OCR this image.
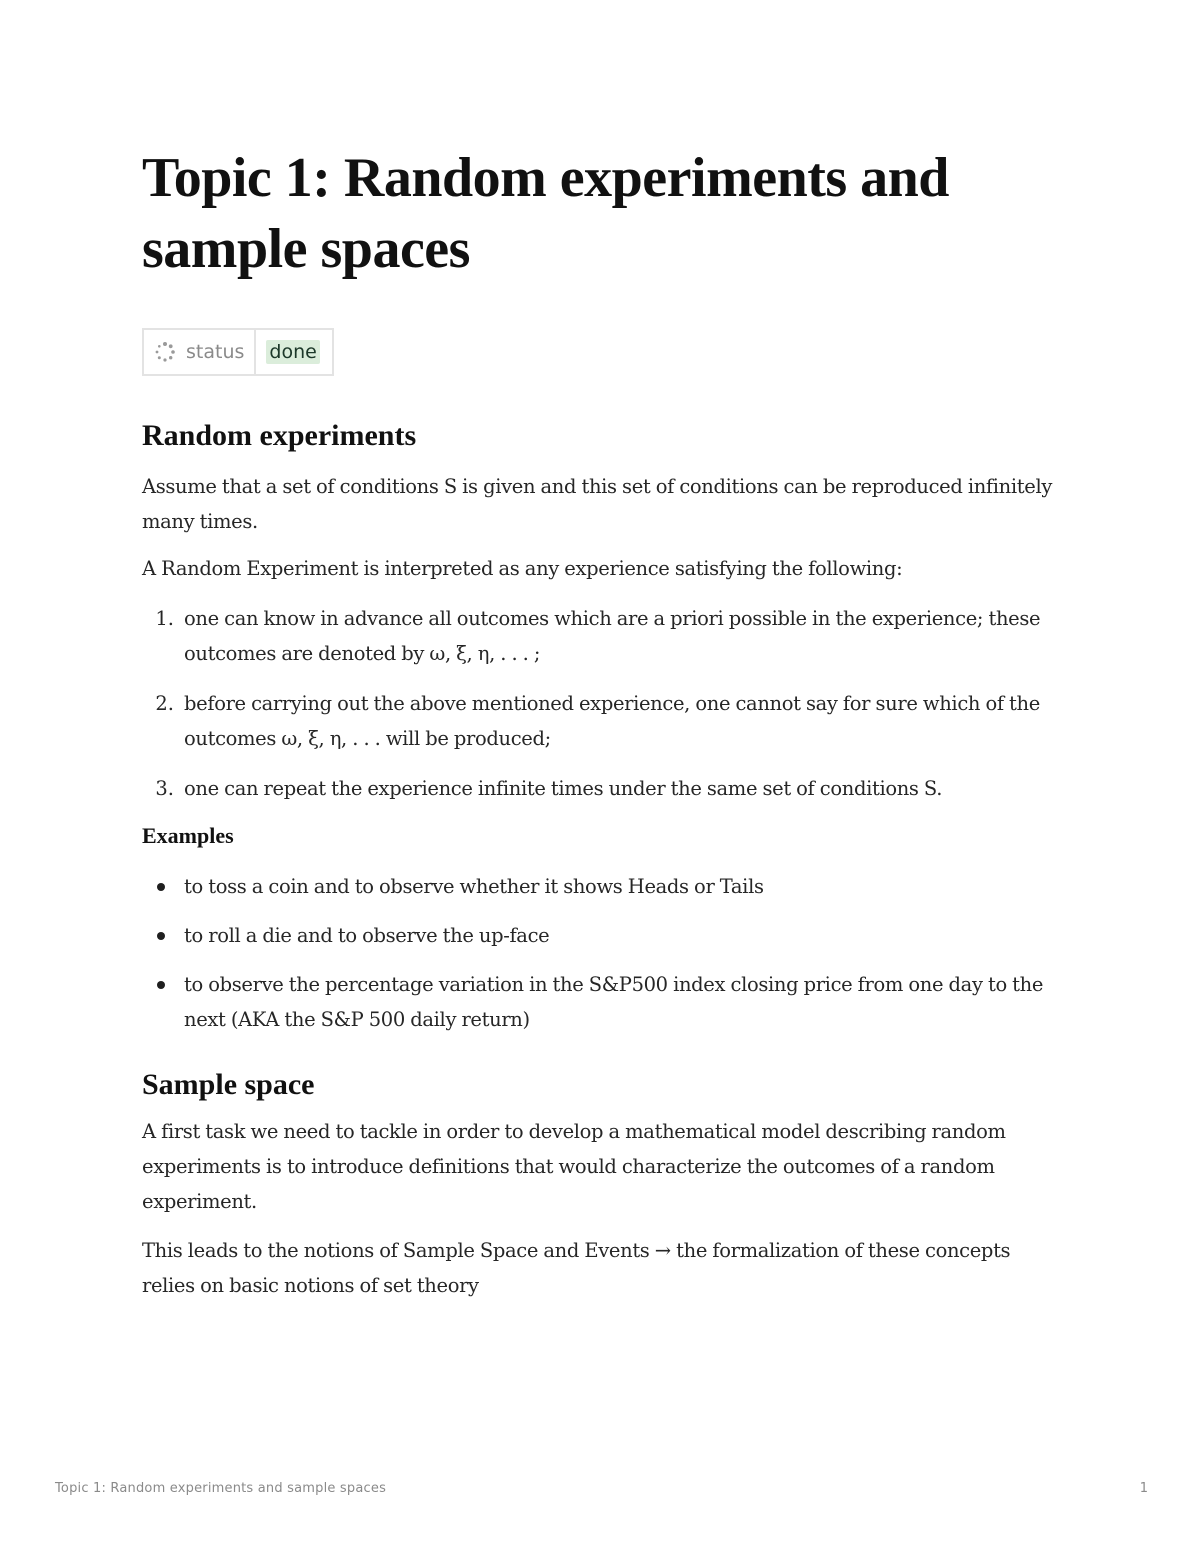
Topic 1: Random experiments and sample spaces
status done
Random experiments

Assume that a set of conditions S is given and this set of conditions can be reproduced infinitely many times.

A Random Experiment is interpreted as any experience satisfying the following:

1. one can know in advance all outcomes which are a priori possible in the experience; these outcomes are denoted by ω, ξ, η, . . . ;
2. before carrying out the above mentioned experience, one cannot say for sure which of the outcomes ω, ξ, η, . . . will be produced;
3. one can repeat the experience infinite times under the same set of conditions S.

Examples

to toss a coin and to observe whether it shows Heads or Tails
to roll a die and to observe the up-face
to observe the percentage variation in the S&P500 index closing price from one day to the next (AKA the S&P 500 daily return)
Sample space

A first task we need to tackle in order to develop a mathematical model describing random experiments is to introduce definitions that would characterize the outcomes of a random experiment.

This leads to the notions of Sample Space and Events → the formalization of these concepts relies on basic notions of set theory

Topic 1: Random experiments and sample spaces	1
